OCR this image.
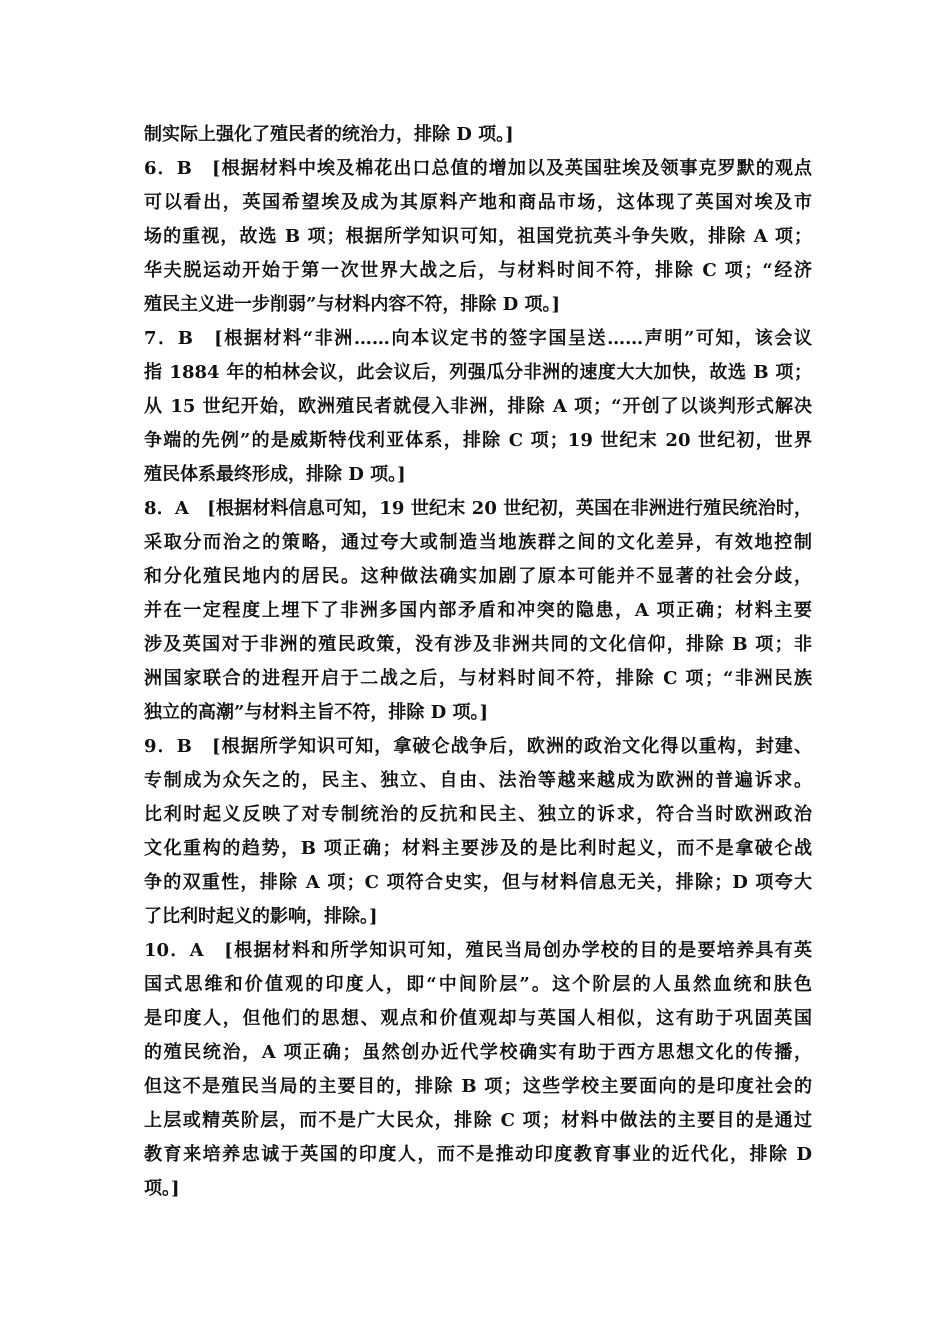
制实际上强化了殖民者的统治力，排除 D 项。]
6．B　[根据材料中埃及棉花出口总值的增加以及英国驻埃及领事克罗默的观点
可以看出，英国希望埃及成为其原料产地和商品市场，这体现了英国对埃及市
场的重视，故选 B 项；根据所学知识可知，祖国党抗英斗争失败，排除 A 项；
华夫脱运动开始于第一次世界大战之后，与材料时间不符，排除 C 项；“经济
殖民主义进一步削弱”与材料内容不符，排除 D 项。]
7．B　[根据材料“非洲……向本议定书的签字国呈送……声明”可知，该会议
指 1884 年的柏林会议，此会议后，列强瓜分非洲的速度大大加快，故选 B 项；
从 15 世纪开始，欧洲殖民者就侵入非洲，排除 A 项；“开创了以谈判形式解决
争端的先例”的是威斯特伐利亚体系，排除 C 项；19 世纪末 20 世纪初，世界
殖民体系最终形成，排除 D 项。]
8．A　[根据材料信息可知，19 世纪末 20 世纪初，英国在非洲进行殖民统治时，
采取分而治之的策略，通过夸大或制造当地族群之间的文化差异，有效地控制
和分化殖民地内的居民。这种做法确实加剧了原本可能并不显著的社会分歧，
并在一定程度上埋下了非洲多国内部矛盾和冲突的隐患，A 项正确；材料主要
涉及英国对于非洲的殖民政策，没有涉及非洲共同的文化信仰，排除 B 项；非
洲国家联合的进程开启于二战之后，与材料时间不符，排除 C 项；“非洲民族
独立的高潮”与材料主旨不符，排除 D 项。]
9．B　[根据所学知识可知，拿破仑战争后，欧洲的政治文化得以重构，封建、
专制成为众矢之的，民主、独立、自由、法治等越来越成为欧洲的普遍诉求。
比利时起义反映了对专制统治的反抗和民主、独立的诉求，符合当时欧洲政治
文化重构的趋势，B 项正确；材料主要涉及的是比利时起义，而不是拿破仑战
争的双重性，排除 A 项；C 项符合史实，但与材料信息无关，排除；D 项夸大
了比利时起义的影响，排除。]
10．A　[根据材料和所学知识可知，殖民当局创办学校的目的是要培养具有英
国式思维和价值观的印度人，即“中间阶层”。这个阶层的人虽然血统和肤色
是印度人，但他们的思想、观点和价值观却与英国人相似，这有助于巩固英国
的殖民统治，A 项正确；虽然创办近代学校确实有助于西方思想文化的传播，
但这不是殖民当局的主要目的，排除 B 项；这些学校主要面向的是印度社会的
上层或精英阶层，而不是广大民众，排除 C 项；材料中做法的主要目的是通过
教育来培养忠诚于英国的印度人，而不是推动印度教育事业的近代化，排除 D
项。]
